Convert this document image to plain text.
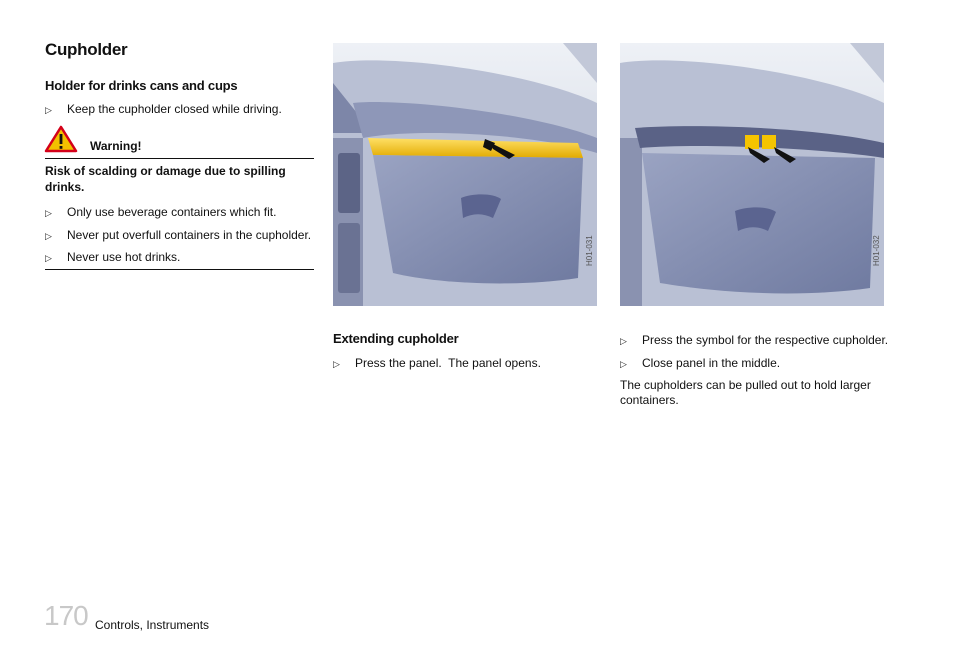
Cupholder
Holder for drinks cans and cups
▷	Keep the cupholder closed while driving.
Warning!
Risk of scalding or damage due to spilling drinks.
▷	Only use beverage containers which fit.
▷	Never put overfull containers in the cupholder.
▷	Never use hot drinks.	H01-031	H01-032
Extending cupholder
▷	Press the panel.  The panel opens.
▷	Press the symbol for the respective cupholder.
▷	Close panel in the middle.
The cupholders can be pulled out to hold larger containers.
170 Controls, Instruments
